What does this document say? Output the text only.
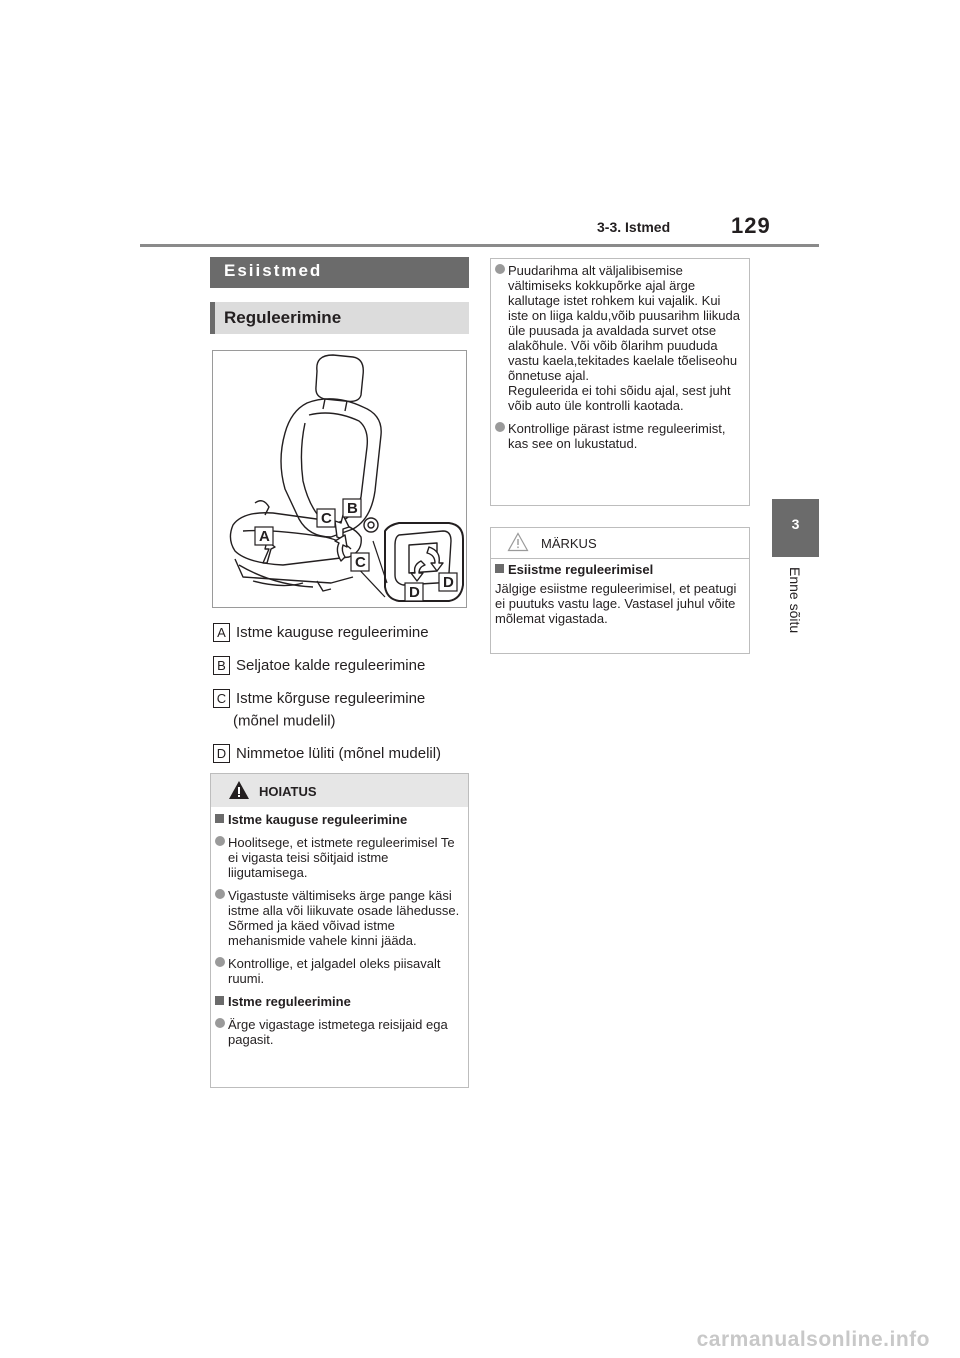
3-3. Istmed	129
3
Enne sõitu
Esiistmed
Reguleerimine
A
B
C
C
D
D
A Istme kauguse reguleerimine
B Seljatoe kalde reguleerimine
C Istme kõrguse reguleerimine
(mõnel mudelil)
D Nimmetoe lüliti (mõnel mudelil)
HOIATUS
Istme kauguse reguleerimine
Hoolitsege, et istmete reguleerimisel Te ei vigasta teisi sõitjaid istme liigutamisega.
Vigastuste vältimiseks ärge pange käsi istme alla või liikuvate osade lähedusse.
Sõrmed ja käed võivad istme mehanismide vahele kinni jääda.
Kontrollige, et jalgadel oleks piisavalt ruumi.
Istme reguleerimine
Ärge vigastage istmetega reisijaid ega pagasit.
Puudarihma alt väljalibisemise vältimiseks kokkupõrke ajal ärge kallutage istet rohkem kui vajalik. Kui iste on liiga kaldu,võib puusarihm liikuda üle puusada ja avaldada survet otse alakõhule. Või võib õlarihm puududa vastu kaela,tekitades kaelale tõeliseohu õnnetuse ajal.
Reguleerida ei tohi sõidu ajal, sest juht võib auto üle kontrolli kaotada.
Kontrollige pärast istme reguleerimist, kas see on lukustatud.
MÄRKUS
Esiistme reguleerimisel
Jälgige esiistme reguleerimisel, et peatugi ei puutuks vastu lage. Vastasel juhul võite mõlemat vigastada.
carmanualsonline.info
